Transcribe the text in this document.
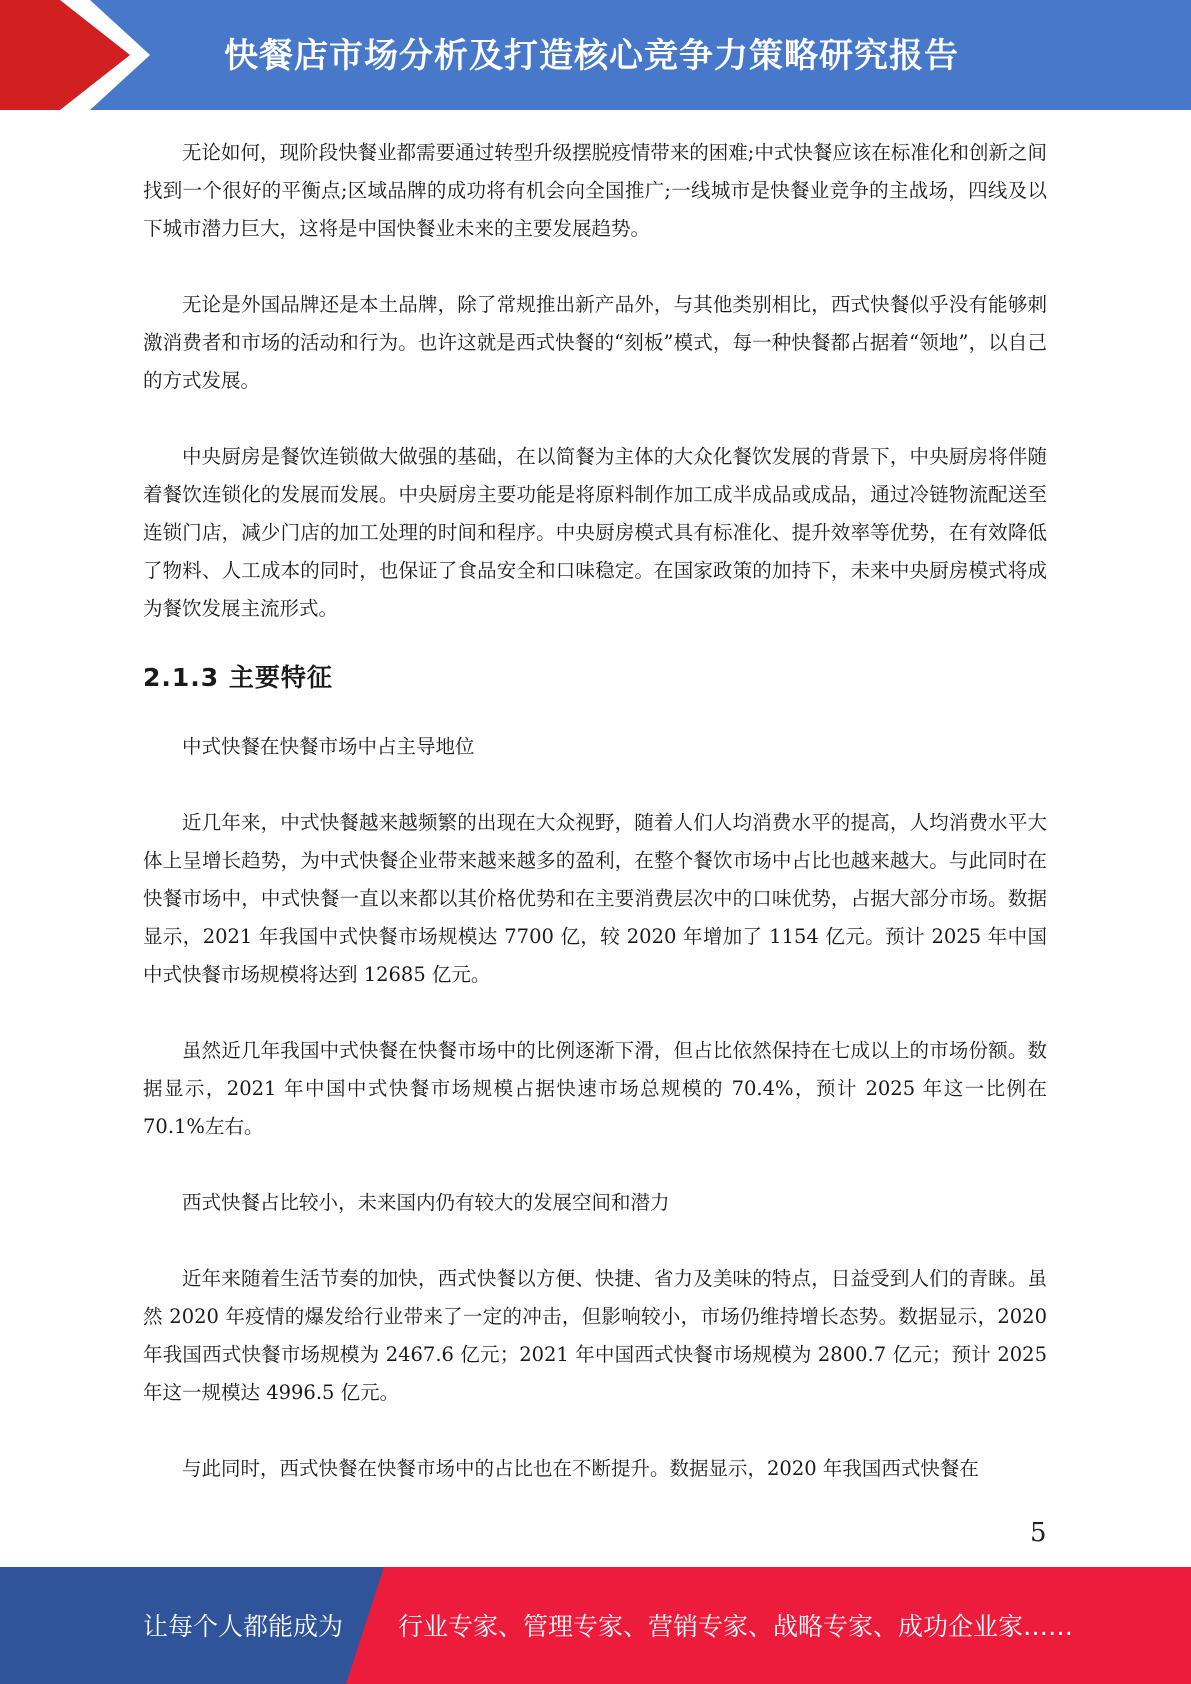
快餐店市场分析及打造核心竞争力策略研究报告

无论如何，现阶段快餐业都需要通过转型升级摆脱疫情带来的困难;中式快餐应该在标准化和创新之间找到一个很好的平衡点;区域品牌的成功将有机会向全国推广;一线城市是快餐业竞争的主战场，四线及以下城市潜力巨大，这将是中国快餐业未来的主要发展趋势。

无论是外国品牌还是本土品牌，除了常规推出新产品外，与其他类别相比，西式快餐似乎没有能够刺激消费者和市场的活动和行为。也许这就是西式快餐的“刻板”模式，每一种快餐都占据着“领地”，以自己的方式发展。

中央厨房是餐饮连锁做大做强的基础，在以简餐为主体的大众化餐饮发展的背景下，中央厨房将伴随着餐饮连锁化的发展而发展。中央厨房主要功能是将原料制作加工成半成品或成品，通过冷链物流配送至连锁门店，减少门店的加工处理的时间和程序。中央厨房模式具有标准化、提升效率等优势，在有效降低了物料、人工成本的同时，也保证了食品安全和口味稳定。在国家政策的加持下，未来中央厨房模式将成为餐饮发展主流形式。

2.1.3 主要特征

中式快餐在快餐市场中占主导地位

近几年来，中式快餐越来越频繁的出现在大众视野，随着人们人均消费水平的提高，人均消费水平大体上呈增长趋势，为中式快餐企业带来越来越多的盈利，在整个餐饮市场中占比也越来越大。与此同时在快餐市场中，中式快餐一直以来都以其价格优势和在主要消费层次中的口味优势，占据大部分市场。数据显示，2021 年我国中式快餐市场规模达 7700 亿，较 2020 年增加了 1154 亿元。预计 2025 年中国中式快餐市场规模将达到 12685 亿元。

虽然近几年我国中式快餐在快餐市场中的比例逐渐下滑，但占比依然保持在七成以上的市场份额。数据显示，2021 年中国中式快餐市场规模占据快速市场总规模的 70.4%，预计 2025 年这一比例在 70.1%左右。

西式快餐占比较小，未来国内仍有较大的发展空间和潜力

近年来随着生活节奏的加快，西式快餐以方便、快捷、省力及美味的特点，日益受到人们的青睐。虽然 2020 年疫情的爆发给行业带来了一定的冲击，但影响较小，市场仍维持增长态势。数据显示，2020 年我国西式快餐市场规模为 2467.6 亿元；2021 年中国西式快餐市场规模为 2800.7 亿元；预计 2025 年这一规模达 4996.5 亿元。

与此同时，西式快餐在快餐市场中的占比也在不断提升。数据显示，2020 年我国西式快餐在

5
让每个人都能成为 行业专家、管理专家、营销专家、战略专家、成功企业家……
